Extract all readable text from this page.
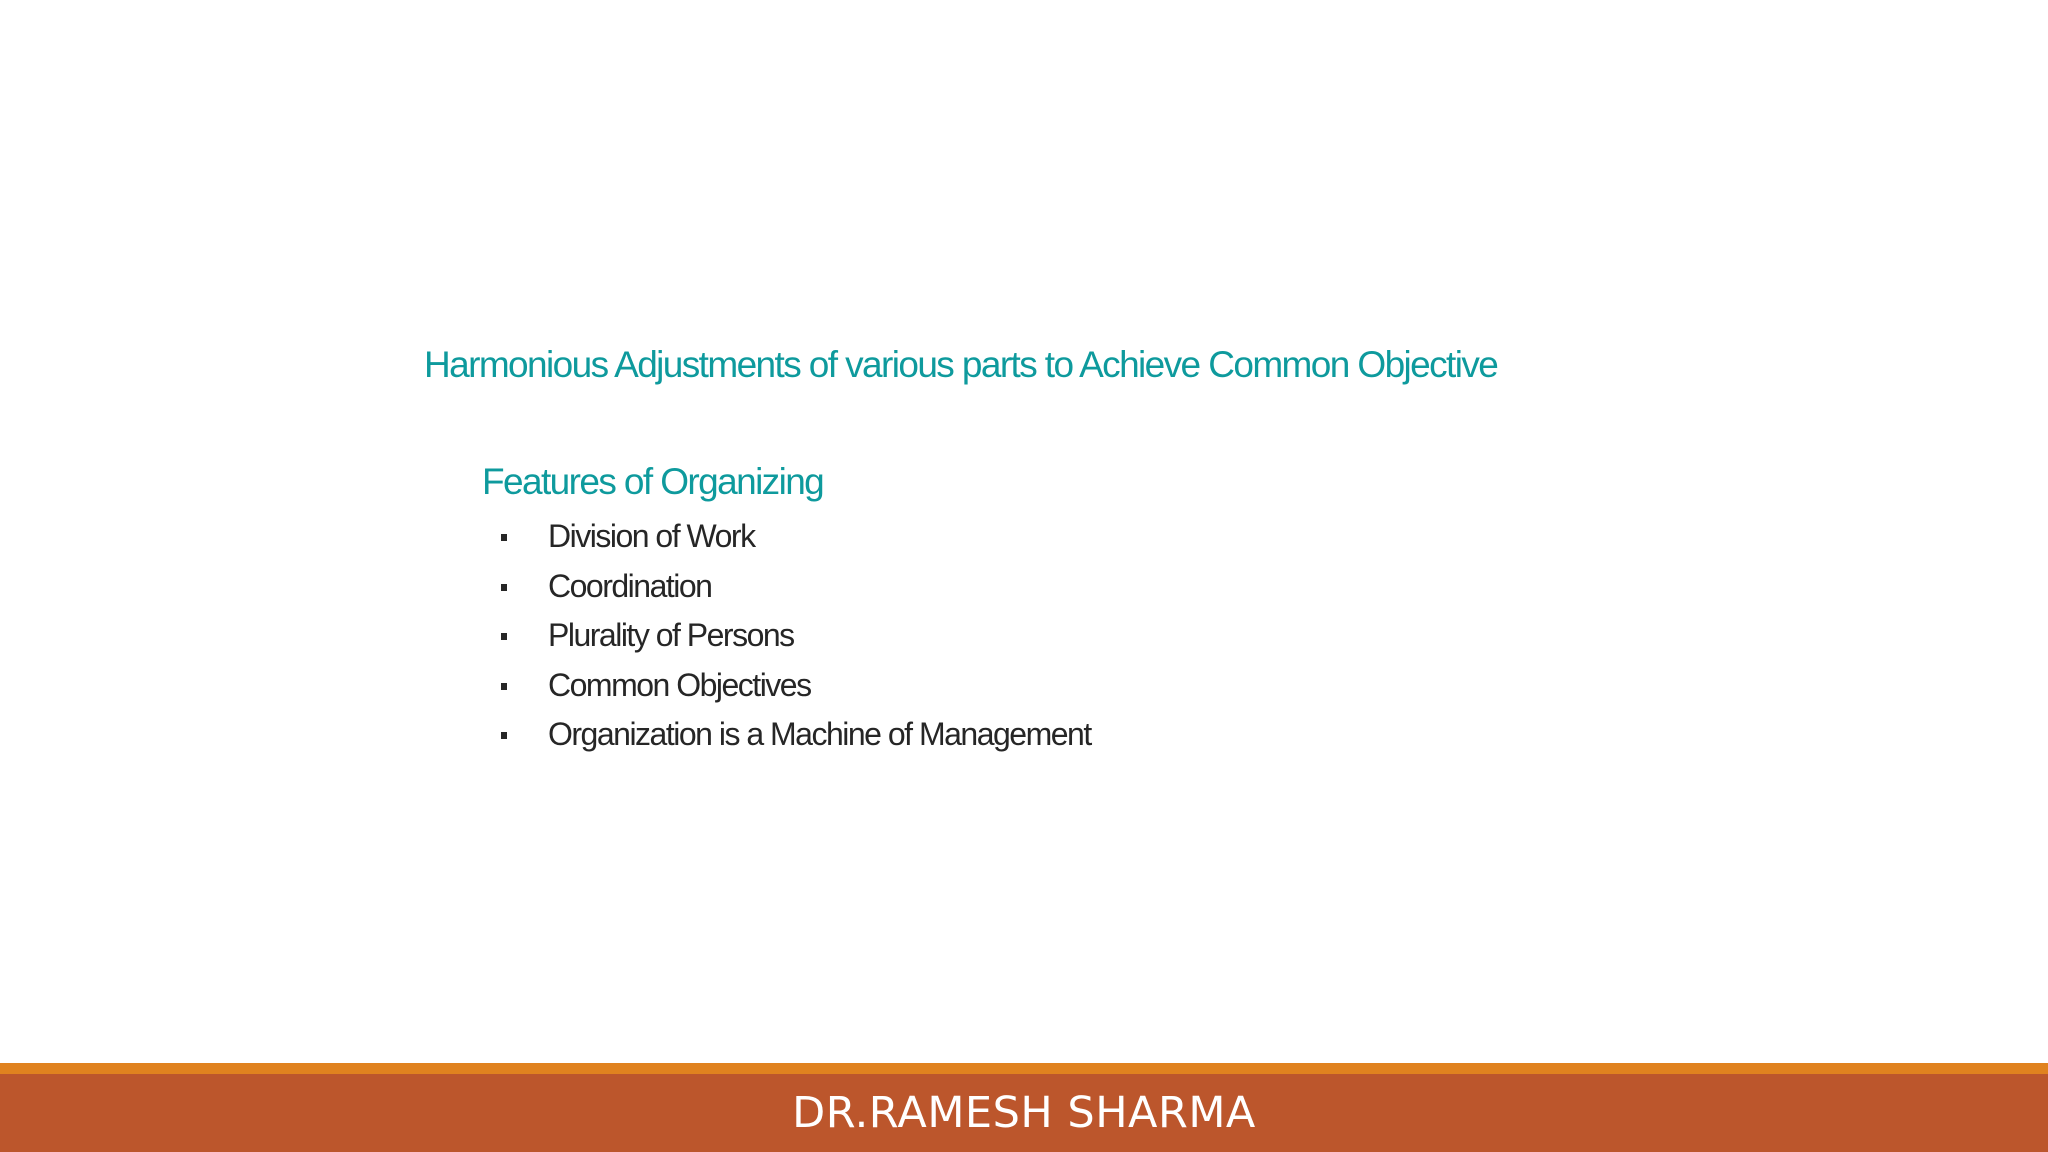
Harmonious Adjustments of various parts to Achieve Common Objective
Features of Organizing
Division of Work
Coordination
Plurality of Persons
Common Objectives
Organization is a Machine of Management
DR.RAMESH SHARMA
